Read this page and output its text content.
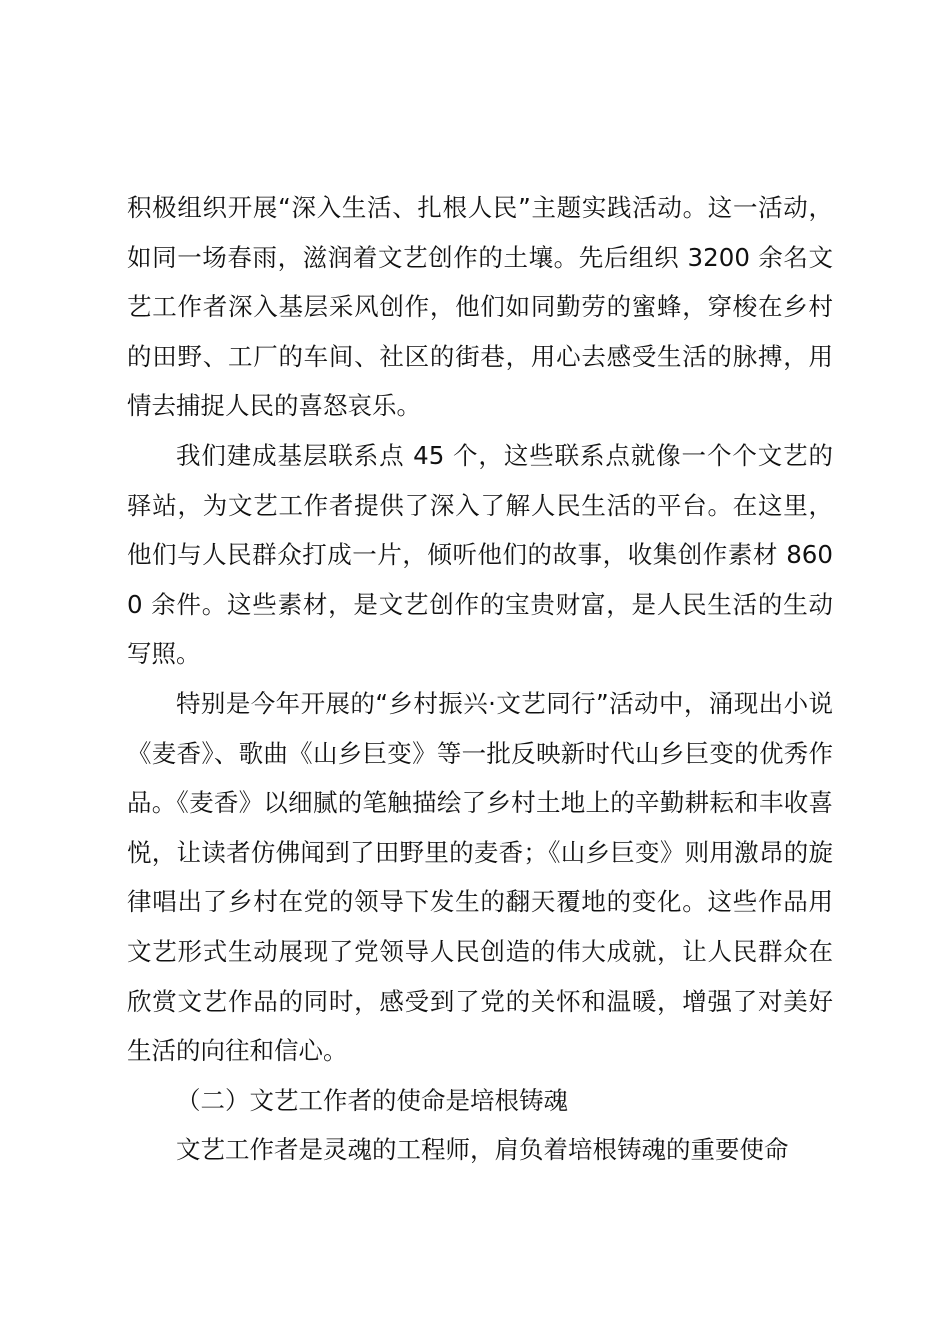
积极组织开展“深入生活、扎根人民”主题实践活动。这一活动，如同一场春雨，滋润着文艺创作的土壤。先后组织 3200 余名文艺工作者深入基层采风创作，他们如同勤劳的蜜蜂，穿梭在乡村的田野、工厂的车间、社区的街巷，用心去感受生活的脉搏，用情去捕捉人民的喜怒哀乐。

我们建成基层联系点 45 个，这些联系点就像一个个文艺的驿站，为文艺工作者提供了深入了解人民生活的平台。在这里，他们与人民群众打成一片，倾听他们的故事，收集创作素材 8600 余件。这些素材，是文艺创作的宝贵财富，是人民生活的生动写照。

特别是今年开展的“乡村振兴·文艺同行”活动中，涌现出小说《麦香》、歌曲《山乡巨变》等一批反映新时代山乡巨变的优秀作品。《麦香》以细腻的笔触描绘了乡村土地上的辛勤耕耘和丰收喜悦，让读者仿佛闻到了田野里的麦香；《山乡巨变》则用激昂的旋律唱出了乡村在党的领导下发生的翻天覆地的变化。这些作品用文艺形式生动展现了党领导人民创造的伟大成就，让人民群众在欣赏文艺作品的同时，感受到了党的关怀和温暖，增强了对美好生活的向往和信心。

（二）文艺工作者的使命是培根铸魂

文艺工作者是灵魂的工程师，肩负着培根铸魂的重要使命
